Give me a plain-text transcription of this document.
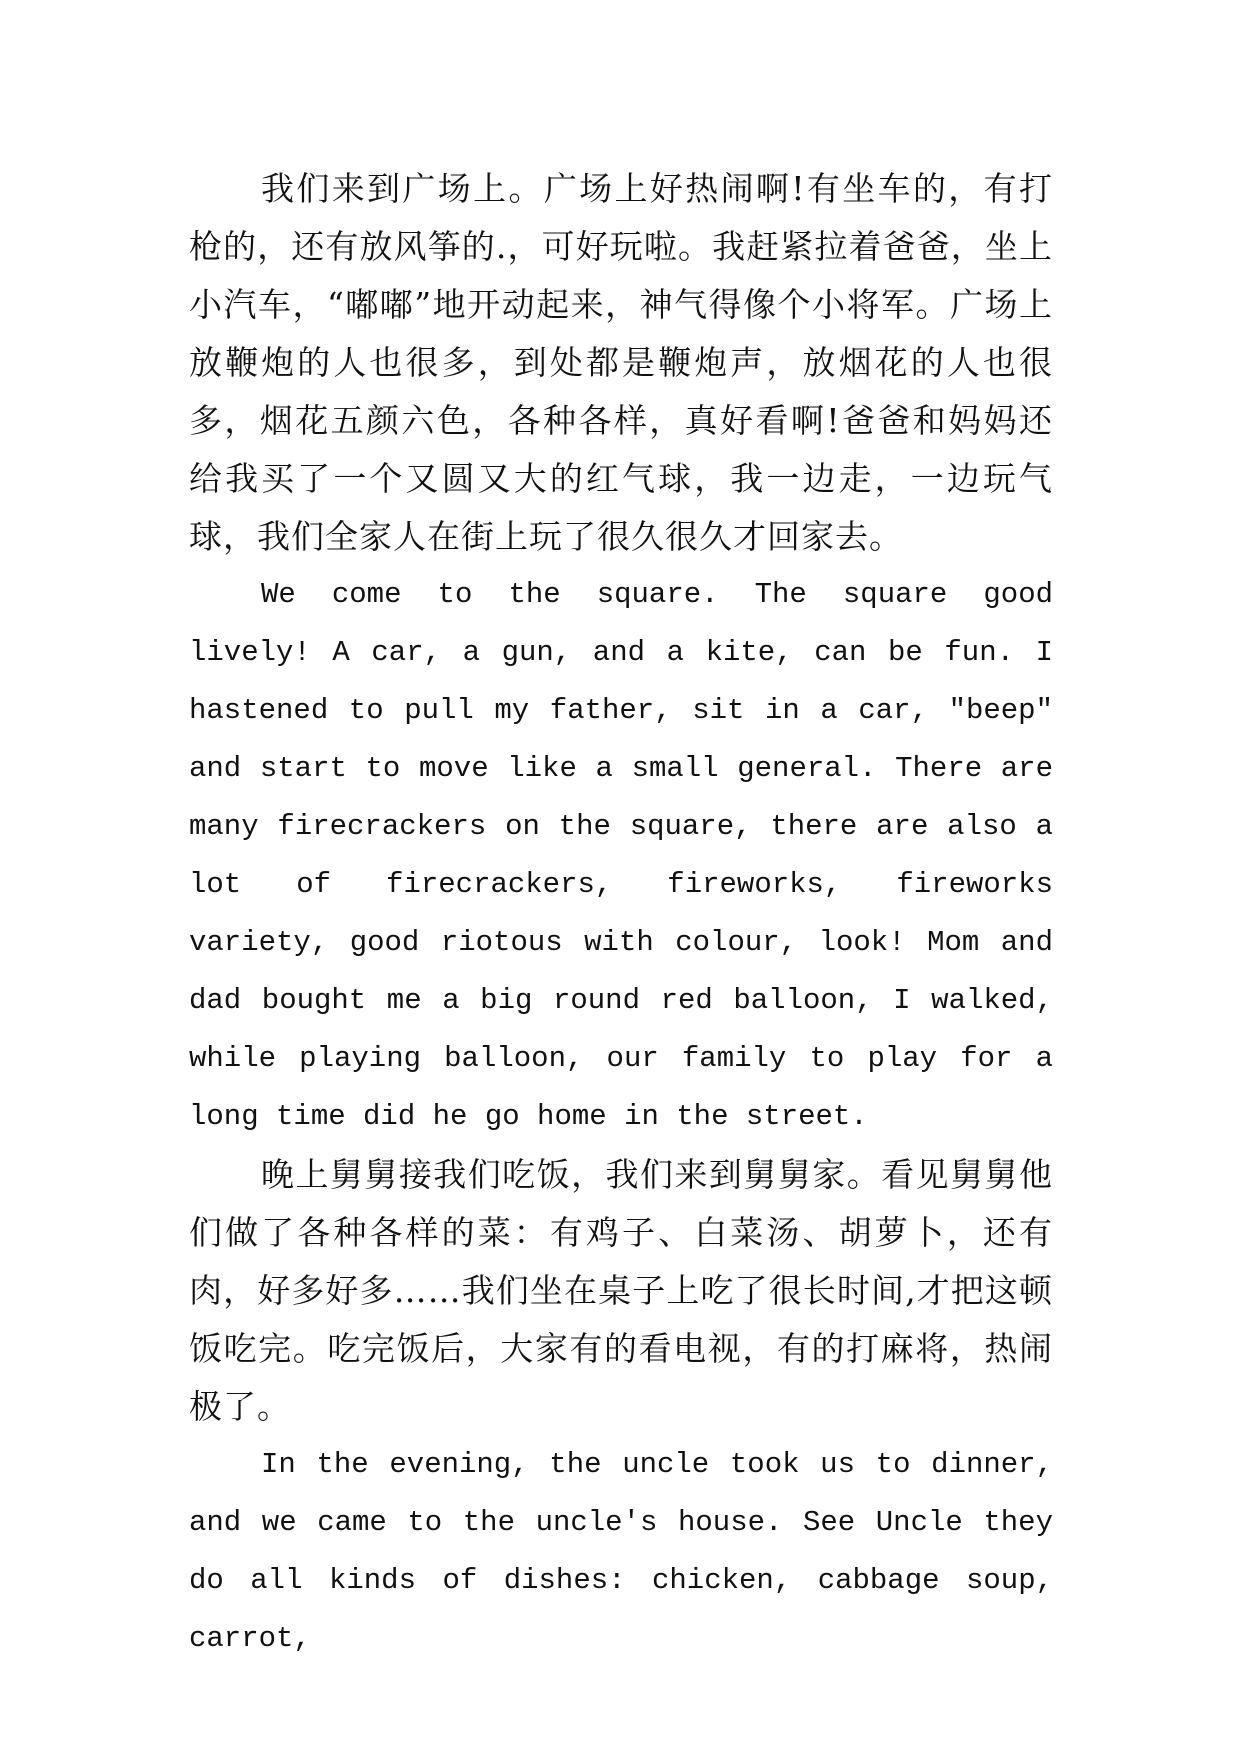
我们来到广场上。广场上好热闹啊!有坐车的，有打枪的，还有放风筝的.，可好玩啦。我赶紧拉着爸爸，坐上小汽车，“嘟嘟”地开动起来，神气得像个小将军。广场上放鞭炮的人也很多，到处都是鞭炮声，放烟花的人也很多，烟花五颜六色，各种各样，真好看啊!爸爸和妈妈还给我买了一个又圆又大的红气球，我一边走，一边玩气球，我们全家人在街上玩了很久很久才回家去。

We come to the square. The square good lively! A car, a gun, and a kite, can be fun. I hastened to pull my father, sit in a car, "beep" and start to move like a small general. There are many firecrackers on the square, there are also a lot of firecrackers, fireworks, fireworks variety, good riotous with colour, look! Mom and dad bought me a big round red balloon, I walked, while playing balloon, our family to play for a long time did he go home in the street.

晚上舅舅接我们吃饭，我们来到舅舅家。看见舅舅他们做了各种各样的菜：有鸡子、白菜汤、胡萝卜，还有肉，好多好多……我们坐在桌子上吃了很长时间,才把这顿饭吃完。吃完饭后，大家有的看电视，有的打麻将，热闹极了。

In the evening, the uncle took us to dinner, and we came to the uncle's house. See Uncle they do all kinds of dishes: chicken, cabbage soup, carrot,
